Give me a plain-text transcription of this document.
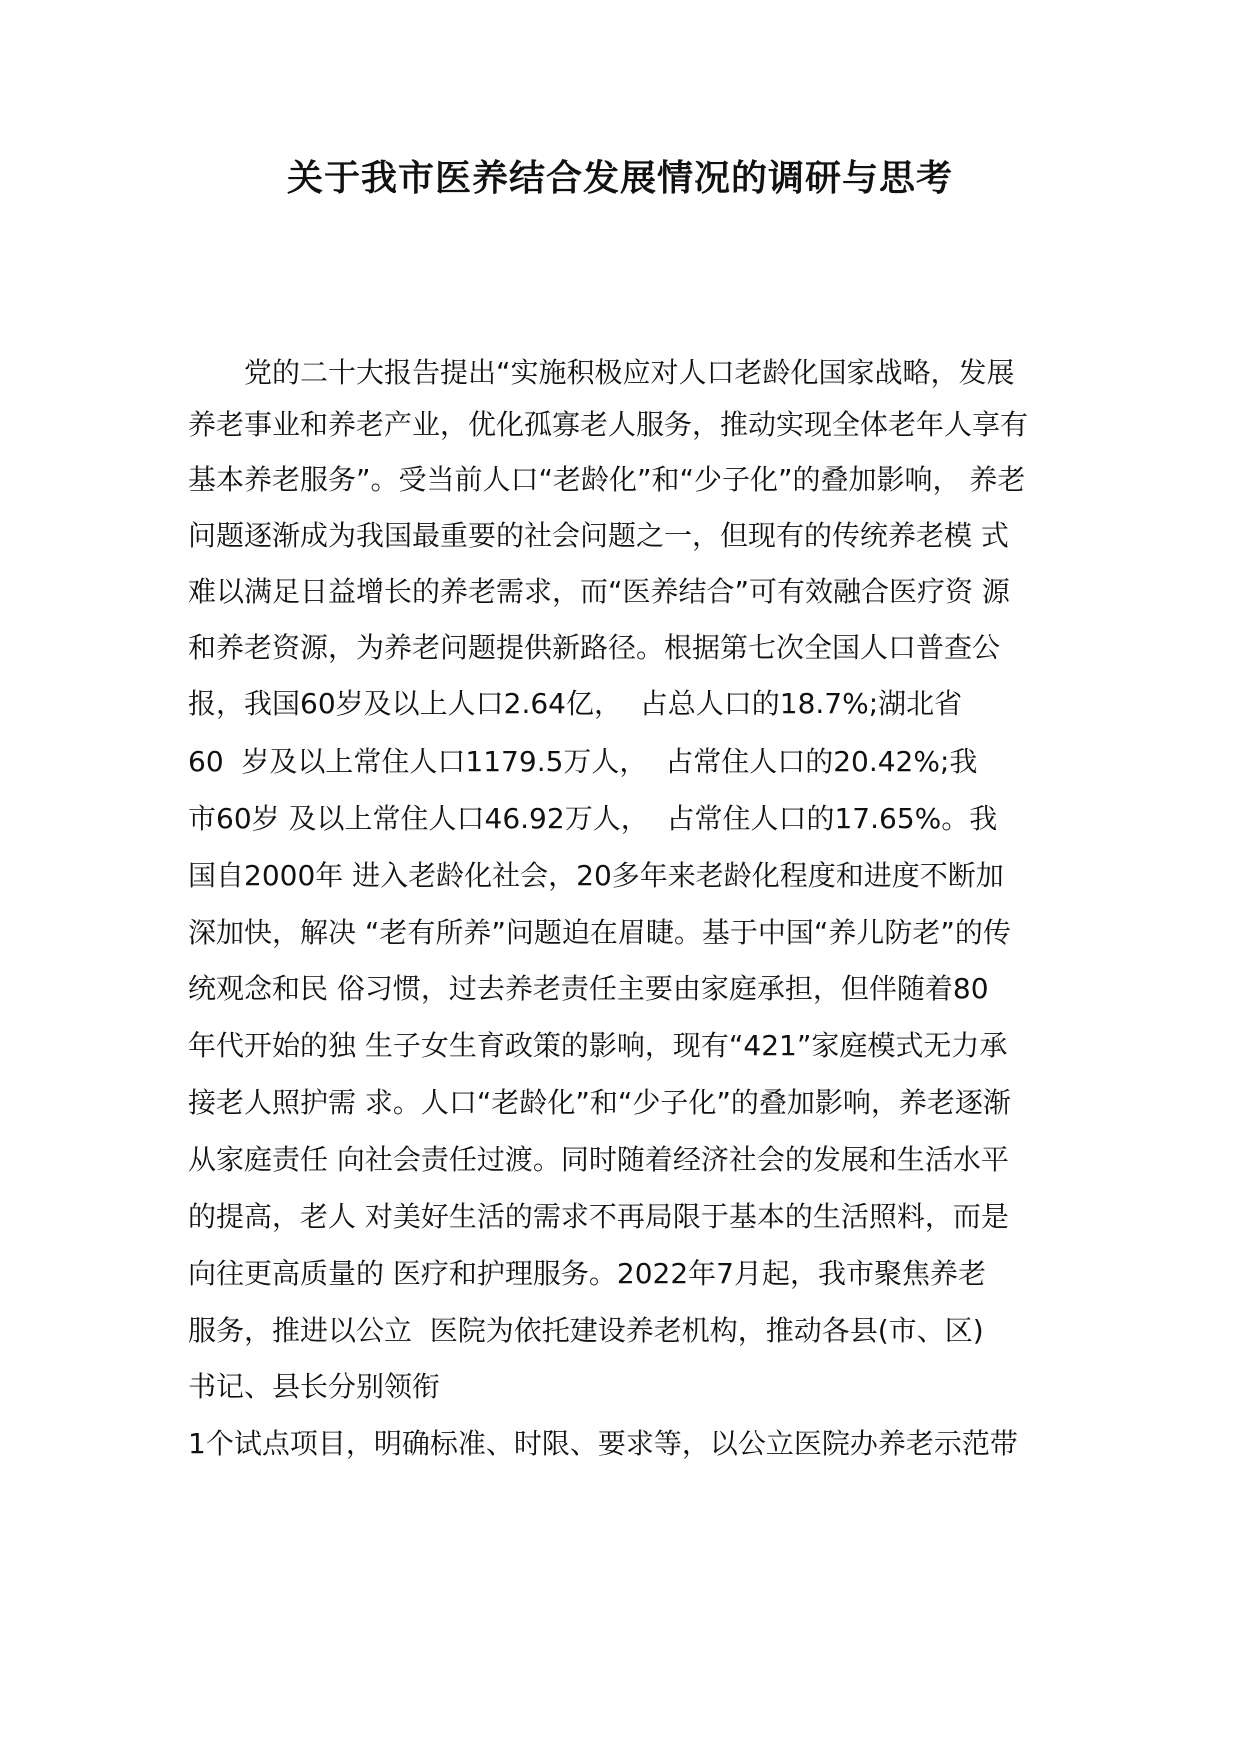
关于我市医养结合发展情况的调研与思考

　　党的二十大报告提出“实施积极应对人口老龄化国家战略，发展

养老事业和养老产业，优化孤寡老人服务，推动实现全体老年人享有

基本养老服务”。受当前人口“老龄化”和“少子化”的叠加影响， 养老

问题逐渐成为我国最重要的社会问题之一，但现有的传统养老模 式

难以满足日益增长的养老需求，而“医养结合”可有效融合医疗资 源

和养老资源，为养老问题提供新路径。根据第七次全国人口普查公

报，我国60岁及以上人口2.64亿，  占总人口的18.7%;湖北省

60  岁及以上常住人口1179.5万人，  占常住人口的20.42%;我

市60岁 及以上常住人口46.92万人，  占常住人口的17.65%。我

国自2000年 进入老龄化社会，20多年来老龄化程度和进度不断加

深加快，解决 “老有所养”问题迫在眉睫。基于中国“养儿防老”的传

统观念和民 俗习惯，过去养老责任主要由家庭承担，但伴随着80

年代开始的独 生子女生育政策的影响，现有“421”家庭模式无力承

接老人照护需 求。人口“老龄化”和“少子化”的叠加影响，养老逐渐

从家庭责任 向社会责任过渡。同时随着经济社会的发展和生活水平

的提高，老人 对美好生活的需求不再局限于基本的生活照料，而是

向往更高质量的 医疗和护理服务。2022年7月起，我市聚焦养老

服务，推进以公立  医院为依托建设养老机构，推动各县(市、区)

书记、县长分别领衔

1个试点项目，明确标准、时限、要求等，以公立医院办养老示范带
